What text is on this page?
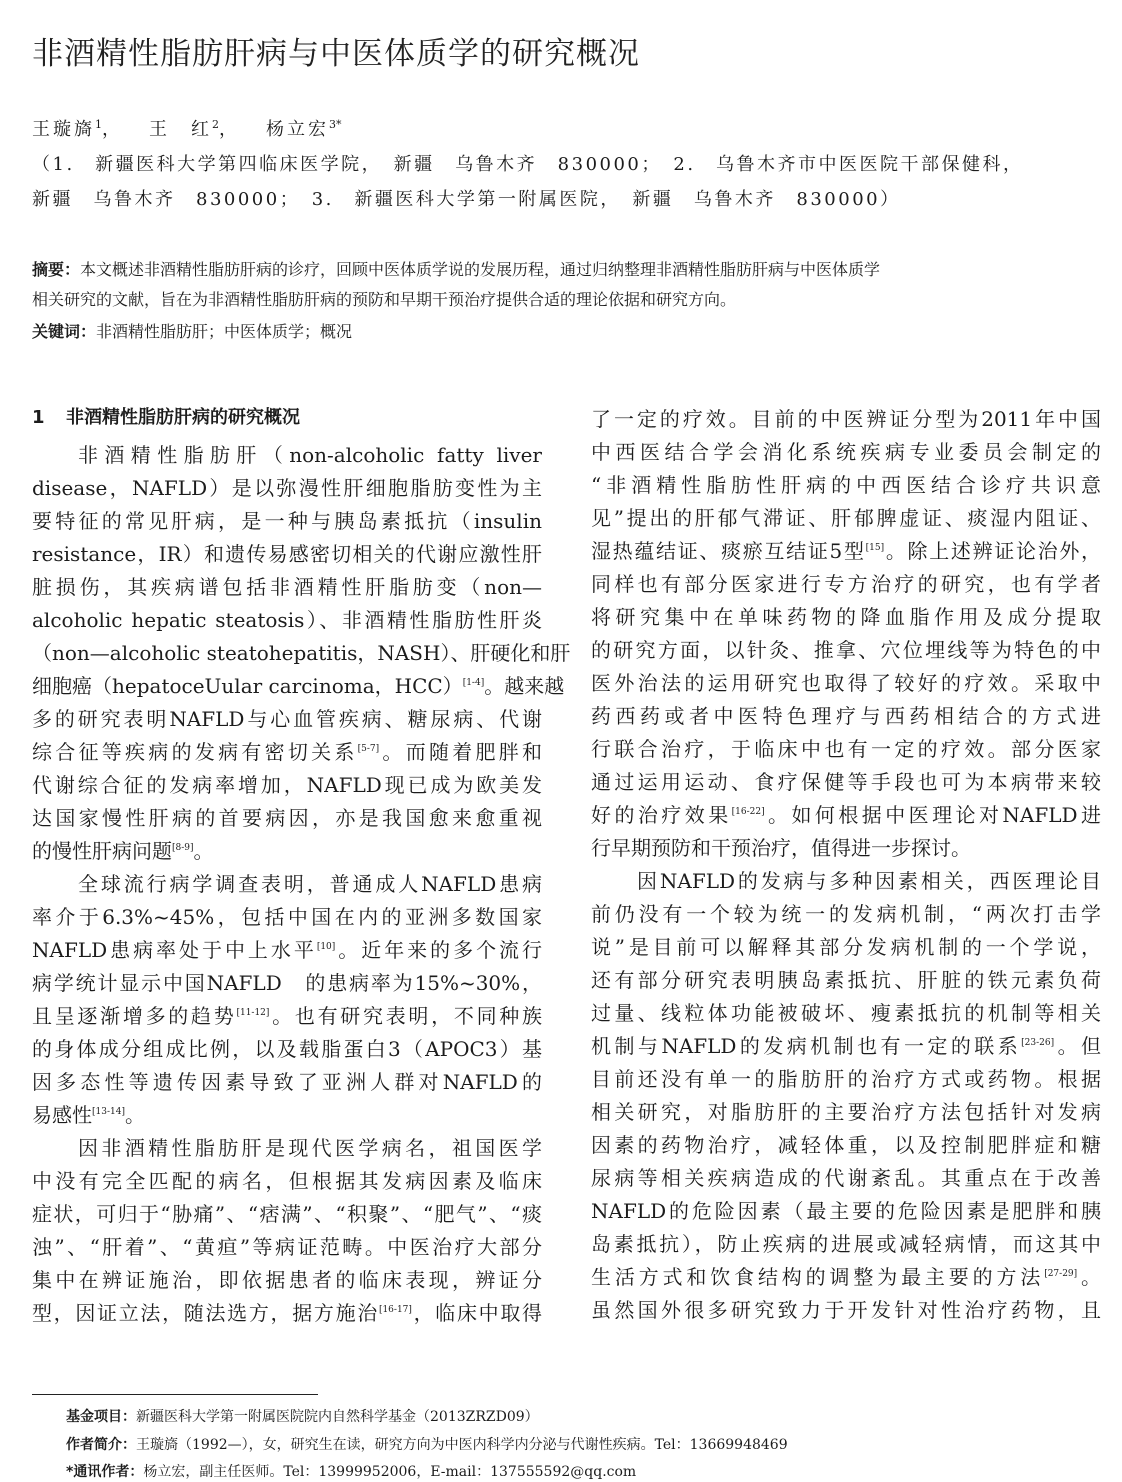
非酒精性脂肪肝病与中医体质学的研究概况
王璇旖$^1$， 王　红$^2$， 杨立宏$^{3*}$
（1.　新疆医科大学第四临床医学院，　新疆　乌鲁木齐　830000；　2.　乌鲁木齐市中医医院干部保健科，
新疆　乌鲁木齐　830000；　3.　新疆医科大学第一附属医院，　新疆　乌鲁木齐　830000）
摘要：本文概述非酒精性脂肪肝病的诊疗，回顾中医体质学说的发展历程，通过归纳整理非酒精性脂肪肝病与中医体质学
相关研究的文献，旨在为非酒精性脂肪肝病的预防和早期干预治疗提供合适的理论依据和研究方向。
关键词：非酒精性脂肪肝；中医体质学；概况
1 非酒精性脂肪肝病的研究概况
非酒精性脂肪肝（non-alcoholic fatty liver
disease，NAFLD）是以弥漫性肝细胞脂肪变性为主
要特征的常见肝病，是一种与胰岛素抵抗（insulin
resistance，IR）和遗传易感密切相关的代谢应激性肝
脏损伤，其疾病谱包括非酒精性肝脂肪变（non—
alcoholic hepatic steatosis）、非酒精性脂肪性肝炎
（non—alcoholic steatohepatitis，NASH）、肝硬化和肝
细胞癌（hepatoceUular carcinoma，HCC）[1-4]。越来越
多的研究表明NAFLD与心血管疾病、糖尿病、代谢
综合征等疾病的发病有密切关系[5-7]。而随着肥胖和
代谢综合征的发病率增加，NAFLD现已成为欧美发
达国家慢性肝病的首要病因，亦是我国愈来愈重视
的慢性肝病问题[8-9]。
全球流行病学调查表明，普通成人NAFLD患病
率介于6.3%~45%，包括中国在内的亚洲多数国家
NAFLD患病率处于中上水平[10]。近年来的多个流行
病学统计显示中国NAFLD　的患病率为15%~30%，
且呈逐渐增多的趋势[11-12]。也有研究表明，不同种族
的身体成分组成比例，以及载脂蛋白3（APOC3）基
因多态性等遗传因素导致了亚洲人群对NAFLD的
易感性[13-14]。
因非酒精性脂肪肝是现代医学病名，祖国医学
中没有完全匹配的病名，但根据其发病因素及临床
症状，可归于“胁痛”、“痞满”、“积聚”、“肥气”、“痰
浊”、“肝着”、“黄疸”等病证范畴。中医治疗大部分
集中在辨证施治，即依据患者的临床表现，辨证分
型，因证立法，随法选方，据方施治[16-17]，临床中取得
了一定的疗效。目前的中医辨证分型为2011年中国
中西医结合学会消化系统疾病专业委员会制定的
“非酒精性脂肪性肝病的中西医结合诊疗共识意
见”提出的肝郁气滞证、肝郁脾虚证、痰湿内阻证、
湿热蕴结证、痰瘀互结证5型[15]。除上述辨证论治外，
同样也有部分医家进行专方治疗的研究，也有学者
将研究集中在单味药物的降血脂作用及成分提取
的研究方面，以针灸、推拿、穴位埋线等为特色的中
医外治法的运用研究也取得了较好的疗效。采取中
药西药或者中医特色理疗与西药相结合的方式进
行联合治疗，于临床中也有一定的疗效。部分医家
通过运用运动、食疗保健等手段也可为本病带来较
好的治疗效果[16-22]。如何根据中医理论对NAFLD进
行早期预防和干预治疗，值得进一步探讨。
因NAFLD的发病与多种因素相关，西医理论目
前仍没有一个较为统一的发病机制，“两次打击学
说”是目前可以解释其部分发病机制的一个学说，
还有部分研究表明胰岛素抵抗、肝脏的铁元素负荷
过量、线粒体功能被破坏、瘦素抵抗的机制等相关
机制与NAFLD的发病机制也有一定的联系[23-26]。但
目前还没有单一的脂肪肝的治疗方式或药物。根据
相关研究，对脂肪肝的主要治疗方法包括针对发病
因素的药物治疗，减轻体重，以及控制肥胖症和糖
尿病等相关疾病造成的代谢紊乱。其重点在于改善
NAFLD的危险因素（最主要的危险因素是肥胖和胰
岛素抵抗），防止疾病的进展或减轻病情，而这其中
生活方式和饮食结构的调整为最主要的方法[27-29]。
虽然国外很多研究致力于开发针对性治疗药物，且
基金项目：新疆医科大学第一附属医院院内自然科学基金（2013ZRZD09）
作者简介：王璇旖（1992—），女，研究生在读，研究方向为中医内科学内分泌与代谢性疾病。Tel：13669948469
*通讯作者：杨立宏，副主任医师。Tel：13999952006，E-mail：137555592@qq.com
